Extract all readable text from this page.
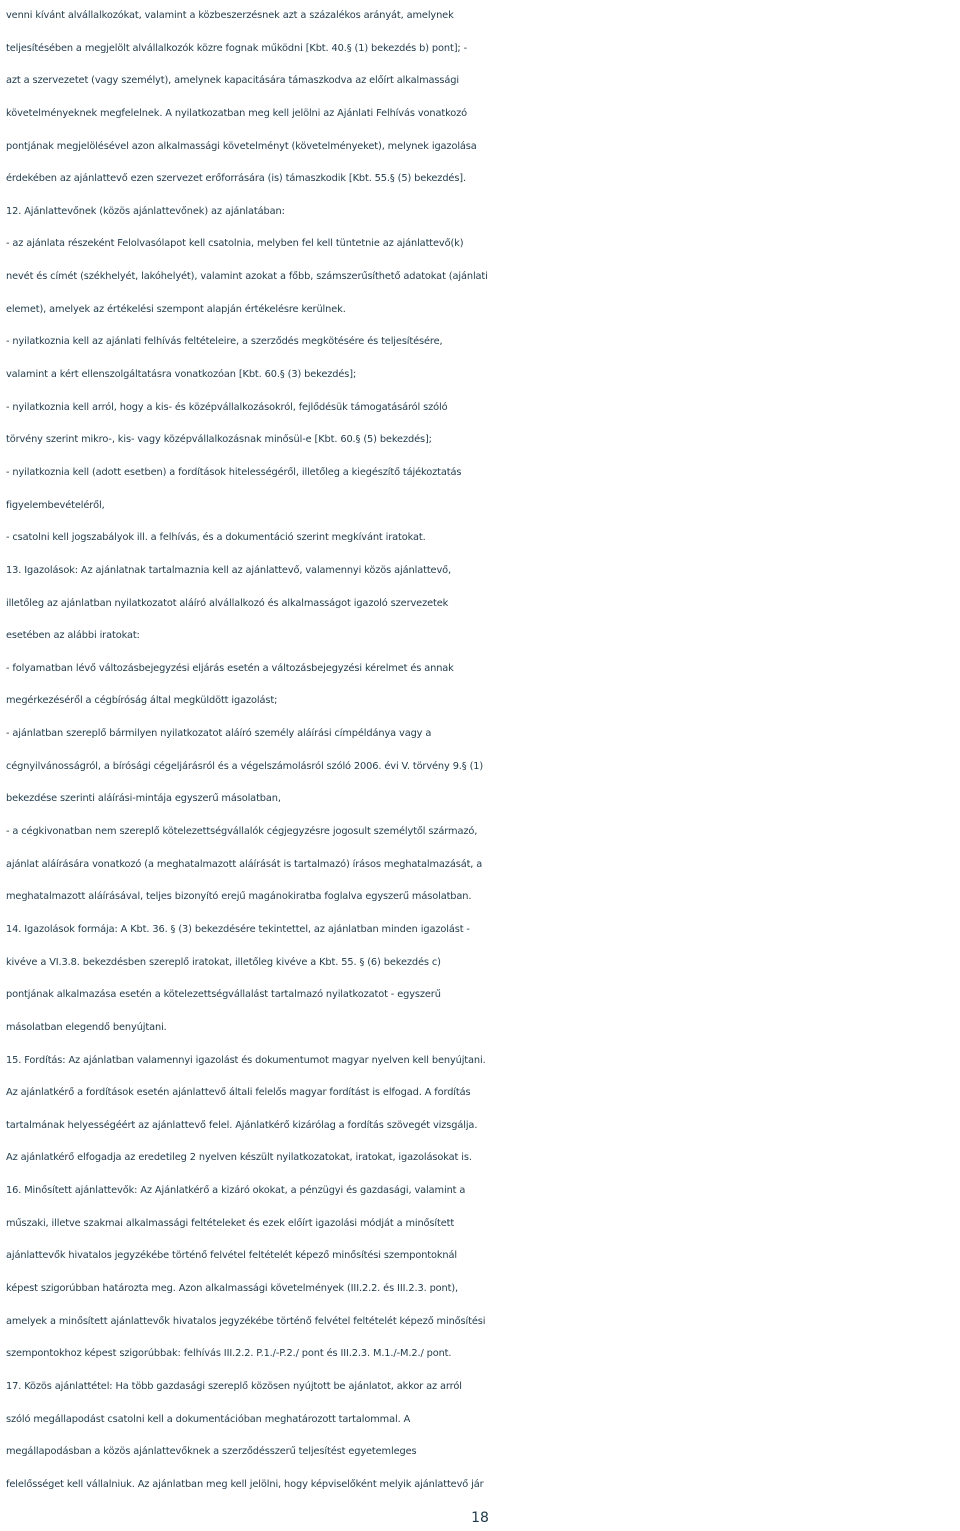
venni kívánt alvállalkozókat, valamint a közbeszerzésnek azt a százalékos arányát, amelynek
teljesítésében a megjelölt alvállalkozók közre fognak működni [Kbt. 40.§ (1) bekezdés b) pont]; -
azt a szervezetet (vagy személyt), amelynek kapacitására támaszkodva az előírt alkalmassági
követelményeknek megfelelnek. A nyilatkozatban meg kell jelölni az Ajánlati Felhívás vonatkozó
pontjának megjelölésével azon alkalmassági követelményt (követelményeket), melynek igazolása
érdekében az ajánlattevő ezen szervezet erőforrására (is) támaszkodik [Kbt. 55.§ (5) bekezdés].
12. Ajánlattevőnek (közös ajánlattevőnek) az ajánlatában:
- az ajánlata részeként Felolvasólapot kell csatolnia, melyben fel kell tüntetnie az ajánlattevő(k)
nevét és címét (székhelyét, lakóhelyét), valamint azokat a főbb, számszerűsíthető adatokat (ajánlati
elemet), amelyek az értékelési szempont alapján értékelésre kerülnek.
- nyilatkoznia kell az ajánlati felhívás feltételeire, a szerződés megkötésére és teljesítésére,
valamint a kért ellenszolgáltatásra vonatkozóan [Kbt. 60.§ (3) bekezdés];
- nyilatkoznia kell arról, hogy a kis- és középvállalkozásokról, fejlődésük támogatásáról szóló
törvény szerint mikro-, kis- vagy középvállalkozásnak minősül-e [Kbt. 60.§ (5) bekezdés];
- nyilatkoznia kell (adott esetben) a fordítások hitelességéről, illetőleg a kiegészítő tájékoztatás
figyelembevételéről,
- csatolni kell jogszabályok ill. a felhívás, és a dokumentáció szerint megkívánt iratokat.
13. Igazolások: Az ajánlatnak tartalmaznia kell az ajánlattevő, valamennyi közös ajánlattevő,
illetőleg az ajánlatban nyilatkozatot aláíró alvállalkozó és alkalmasságot igazoló szervezetek
esetében az alábbi iratokat:
- folyamatban lévő változásbejegyzési eljárás esetén a változásbejegyzési kérelmet és annak
megérkezéséről a cégbíróság által megküldött igazolást;
- ajánlatban szereplő bármilyen nyilatkozatot aláíró személy aláírási címpéldánya vagy a
cégnyilvánosságról, a bírósági cégeljárásról és a végelszámolásról szóló 2006. évi V. törvény 9.§ (1)
bekezdése szerinti aláírási-mintája egyszerű másolatban,
- a cégkivonatban nem szereplő kötelezettségvállalók cégjegyzésre jogosult személytől származó,
ajánlat aláírására vonatkozó (a meghatalmazott aláírását is tartalmazó) írásos meghatalmazását, a
meghatalmazott aláírásával, teljes bizonyító erejű magánokiratba foglalva egyszerű másolatban.
14. Igazolások formája: A Kbt. 36. § (3) bekezdésére tekintettel, az ajánlatban minden igazolást -
kivéve a VI.3.8. bekezdésben szereplő iratokat, illetőleg kivéve a Kbt. 55. § (6) bekezdés c)
pontjának alkalmazása esetén a kötelezettségvállalást tartalmazó nyilatkozatot - egyszerű
másolatban elegendő benyújtani.
15. Fordítás: Az ajánlatban valamennyi igazolást és dokumentumot magyar nyelven kell benyújtani.
Az ajánlatkérő a fordítások esetén ajánlattevő általi felelős magyar fordítást is elfogad. A fordítás
tartalmának helyességéért az ajánlattevő felel. Ajánlatkérő kizárólag a fordítás szövegét vizsgálja.
Az ajánlatkérő elfogadja az eredetileg 2 nyelven készült nyilatkozatokat, iratokat, igazolásokat is.
16. Minősített ajánlattevők: Az Ajánlatkérő a kizáró okokat, a pénzügyi és gazdasági, valamint a
műszaki, illetve szakmai alkalmassági feltételeket és ezek előírt igazolási módját a minősített
ajánlattevők hivatalos jegyzékébe történő felvétel feltételét képező minősítési szempontoknál
képest szigorúbban határozta meg. Azon alkalmassági követelmények (III.2.2. és III.2.3. pont),
amelyek a minősített ajánlattevők hivatalos jegyzékébe történő felvétel feltételét képező minősítési
szempontokhoz képest szigorúbbak: felhívás III.2.2. P.1./-P.2./ pont és III.2.3. M.1./-M.2./ pont.
17. Közös ajánlattétel: Ha több gazdasági szereplő közösen nyújtott be ajánlatot, akkor az arról
szóló megállapodást csatolni kell a dokumentációban meghatározott tartalommal. A
megállapodásban a közös ajánlattevőknek a szerződésszerű teljesítést egyetemleges
felelősséget kell vállalniuk. Az ajánlatban meg kell jelölni, hogy képviselőként melyik ajánlattevő jár
18
